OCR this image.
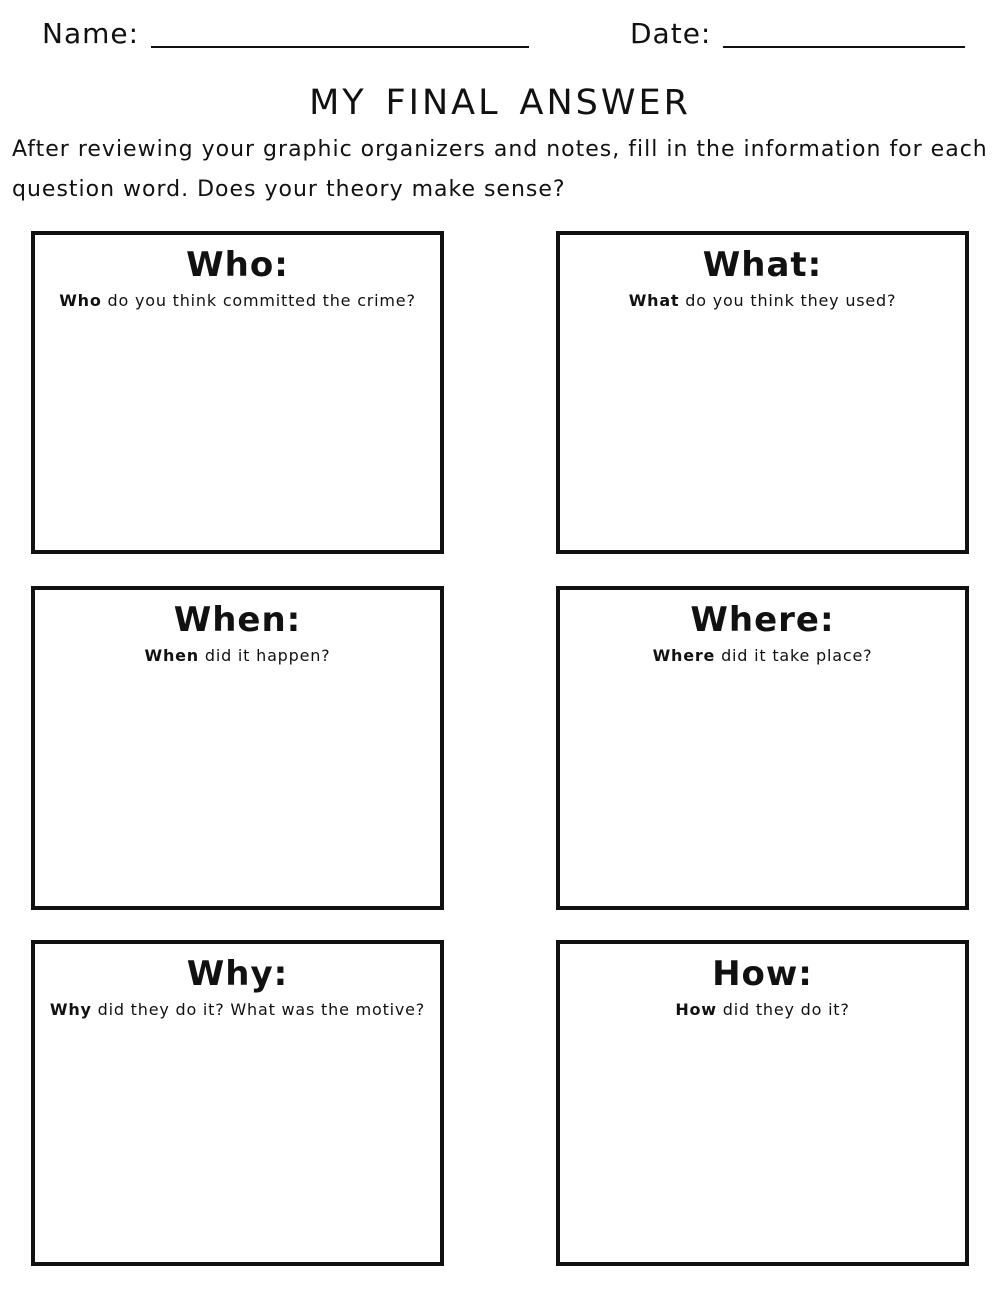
Name:	Date:
my final answer

After reviewing your graphic organizers and notes, fill in the information for each question word. Does your theory make sense?

Who:
Who do you think committed the crime?
What:
What do you think they used?
When:
When did it happen?
Where:
Where did it take place?
Why:
Why did they do it? What was the motive?
How:
How did they do it?
